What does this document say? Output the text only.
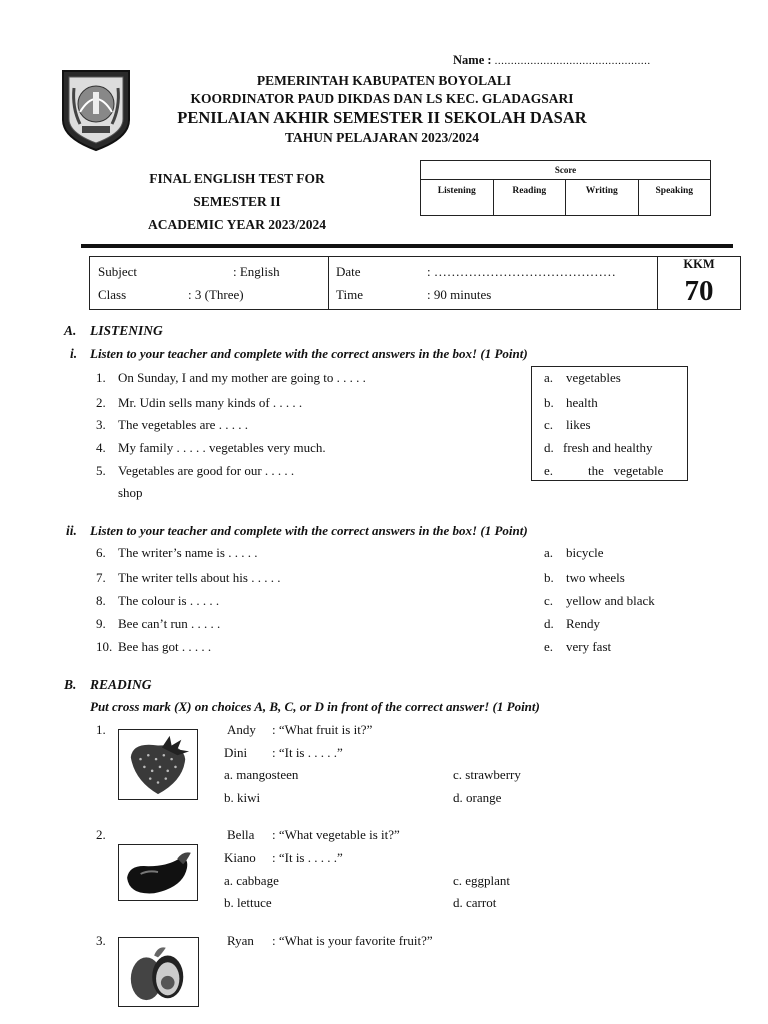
Name : ................................................
PEMERINTAH KABUPATEN BOYOLALI
KOORDINATOR PAUD DIKDAS DAN LS KEC. GLADAGSARI
PENILAIAN AKHIR SEMESTER II SEKOLAH DASAR
TAHUN PELAJARAN 2023/2024
FINAL ENGLISH TEST FOR
SEMESTER II
ACADEMIC YEAR 2023/2024
Score
Listening	Reading	Writing	Speaking
Subject	: English
Class	: 3 (Three)
Date	: ……………………………………
Time	: 90 minutes
KKM
70
A. LISTENING
i. Listen to your teacher and complete with the correct answers in the box! (1 Point)
1. On Sunday, I and my mother are going to . . . . .
2. Mr. Udin sells many kinds of . . . . .
3. The vegetables are . . . . .
4. My family . . . . . vegetables very much.
5. Vegetables are good for our . . . . .
shop
a. vegetables
b. health
c. likes
d. fresh and healthy
e.	the   vegetable
ii. Listen to your teacher and complete with the correct answers in the box! (1 Point)
6. The writer’s name is . . . . .
7. The writer tells about his . . . . .
8. The colour is . . . . .
9. Bee can’t run . . . . .
10. Bee has got . . . . .
a. bicycle
b. two wheels
c. yellow and black
d. Rendy
e. very fast
B. READING
Put cross mark (X) on choices A, B, C, or D in front of the correct answer! (1 Point)
1.	Andy : “What fruit is it?”
Dini : “It is . . . . .”
a. mangosteen
b. kiwi
c. strawberry
d. orange
2.	Bella : “What vegetable is it?”
Kiano : “It is . . . . .”
a. cabbage
b. lettuce
c. eggplant
d. carrot
3.	Ryan : “What is your favorite fruit?”
